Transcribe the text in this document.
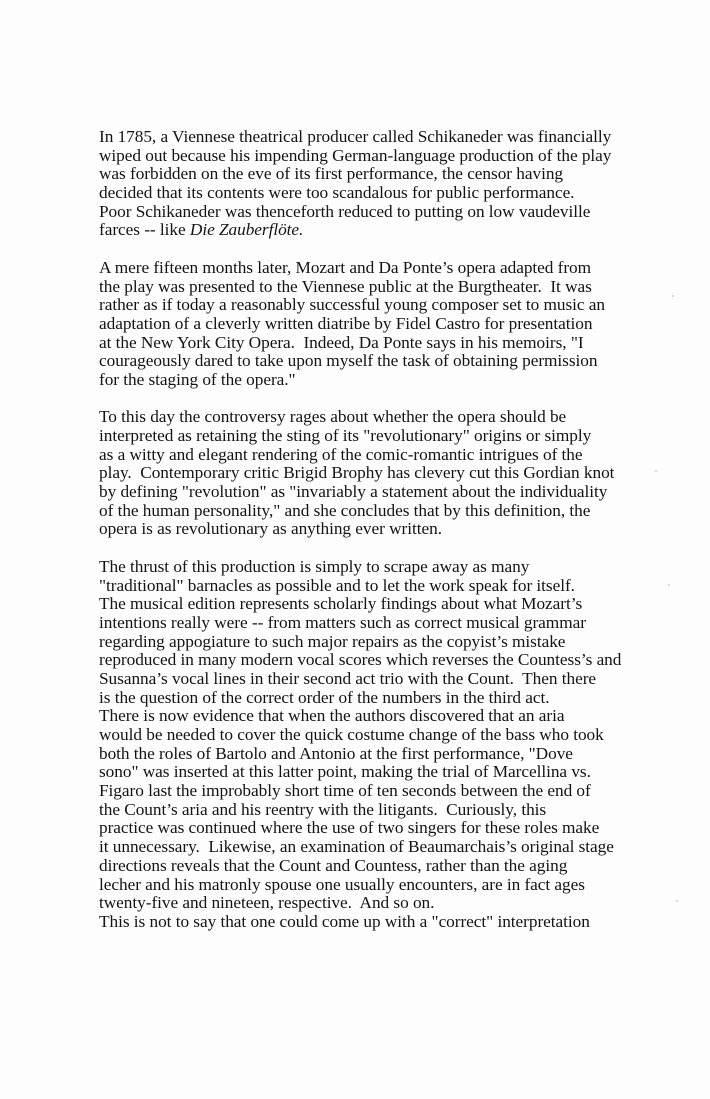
In 1785, a Viennese theatrical producer called Schikaneder was financially
wiped out because his impending German-language production of the play
was forbidden on the eve of its first performance, the censor having
decided that its contents were too scandalous for public performance.
Poor Schikaneder was thenceforth reduced to putting on low vaudeville
farces -- like Die Zauberflöte.
A mere fifteen months later, Mozart and Da Ponte’s opera adapted from
the play was presented to the Viennese public at the Burgtheater.  It was
rather as if today a reasonably successful young composer set to music an
adaptation of a cleverly written diatribe by Fidel Castro for presentation
at the New York City Opera.  Indeed, Da Ponte says in his memoirs, "I
courageously dared to take upon myself the task of obtaining permission
for the staging of the opera."
To this day the controversy rages about whether the opera should be
interpreted as retaining the sting of its "revolutionary" origins or simply
as a witty and elegant rendering of the comic-romantic intrigues of the
play.  Contemporary critic Brigid Brophy has clevery cut this Gordian knot
by defining "revolution" as "invariably a statement about the individuality
of the human personality," and she concludes that by this definition, the
opera is as revolutionary as anything ever written.
The thrust of this production is simply to scrape away as many
"traditional" barnacles as possible and to let the work speak for itself.
The musical edition represents scholarly findings about what Mozart’s
intentions really were -- from matters such as correct musical grammar
regarding appogiature to such major repairs as the copyist’s mistake
reproduced in many modern vocal scores which reverses the Countess’s and
Susanna’s vocal lines in their second act trio with the Count.  Then there
is the question of the correct order of the numbers in the third act.
There is now evidence that when the authors discovered that an aria
would be needed to cover the quick costume change of the bass who took
both the roles of Bartolo and Antonio at the first performance, "Dove
sono" was inserted at this latter point, making the trial of Marcellina vs.
Figaro last the improbably short time of ten seconds between the end of
the Count’s aria and his reentry with the litigants.  Curiously, this
practice was continued where the use of two singers for these roles make
it unnecessary.  Likewise, an examination of Beaumarchais’s original stage
directions reveals that the Count and Countess, rather than the aging
lecher and his matronly spouse one usually encounters, are in fact ages
twenty-five and nineteen, respective.  And so on.
This is not to say that one could come up with a "correct" interpretation
